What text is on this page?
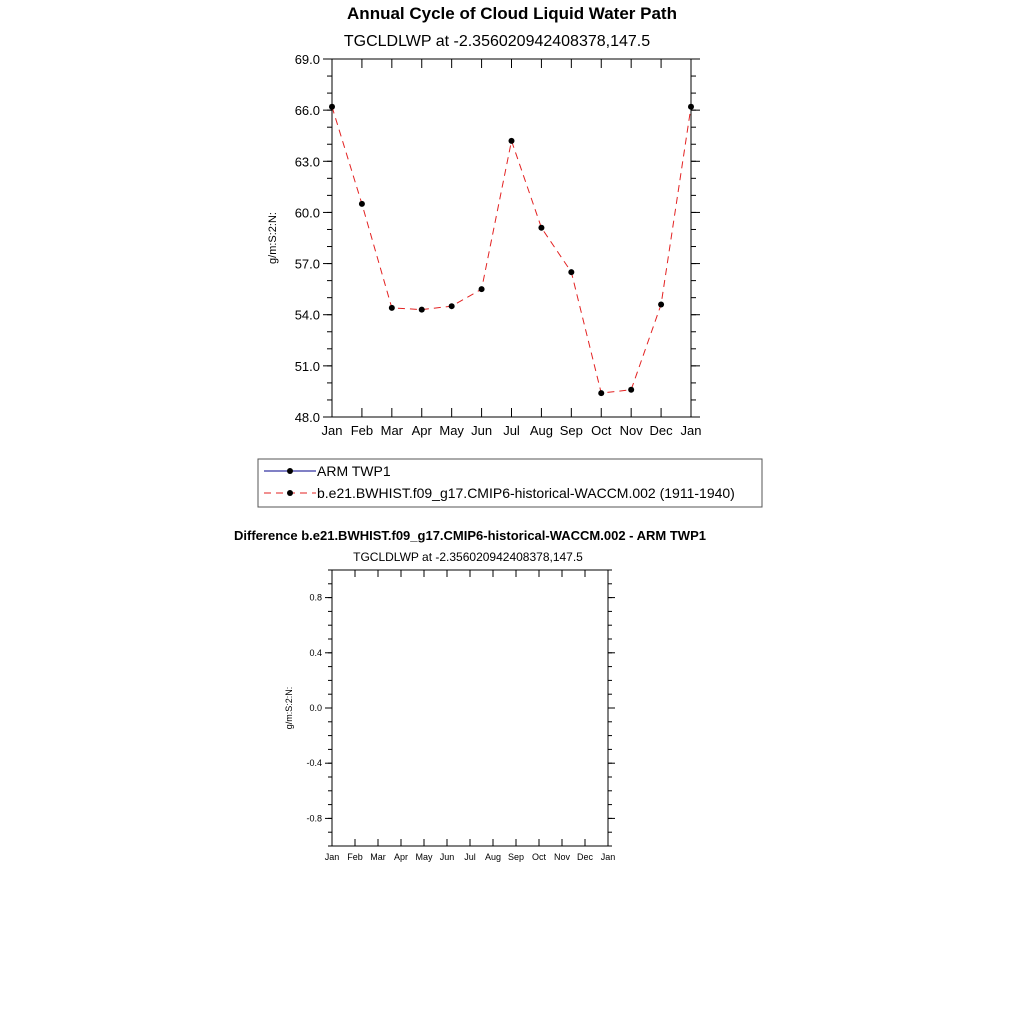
Annual Cycle of Cloud Liquid Water Path
TGCLDLWP at -2.356020942408378,147.5
g/m:S:2:N:
48.0
51.0
54.0
57.0
60.0
63.0
66.0
69.0
Jan Feb Mar Apr May Jun Jul Aug Sep Oct Nov Dec Jan
ARM TWP1
b.e21.BWHIST.f09_g17.CMIP6-historical-WACCM.002 (1911-1940)
Difference b.e21.BWHIST.f09_g17.CMIP6-historical-WACCM.002 - ARM TWP1
TGCLDLWP at -2.356020942408378,147.5
g/m:S:2:N:
-0.8
-0.4
0.0
0.4
0.8
Jan Feb Mar Apr May Jun Jul Aug Sep Oct Nov Dec Jan
